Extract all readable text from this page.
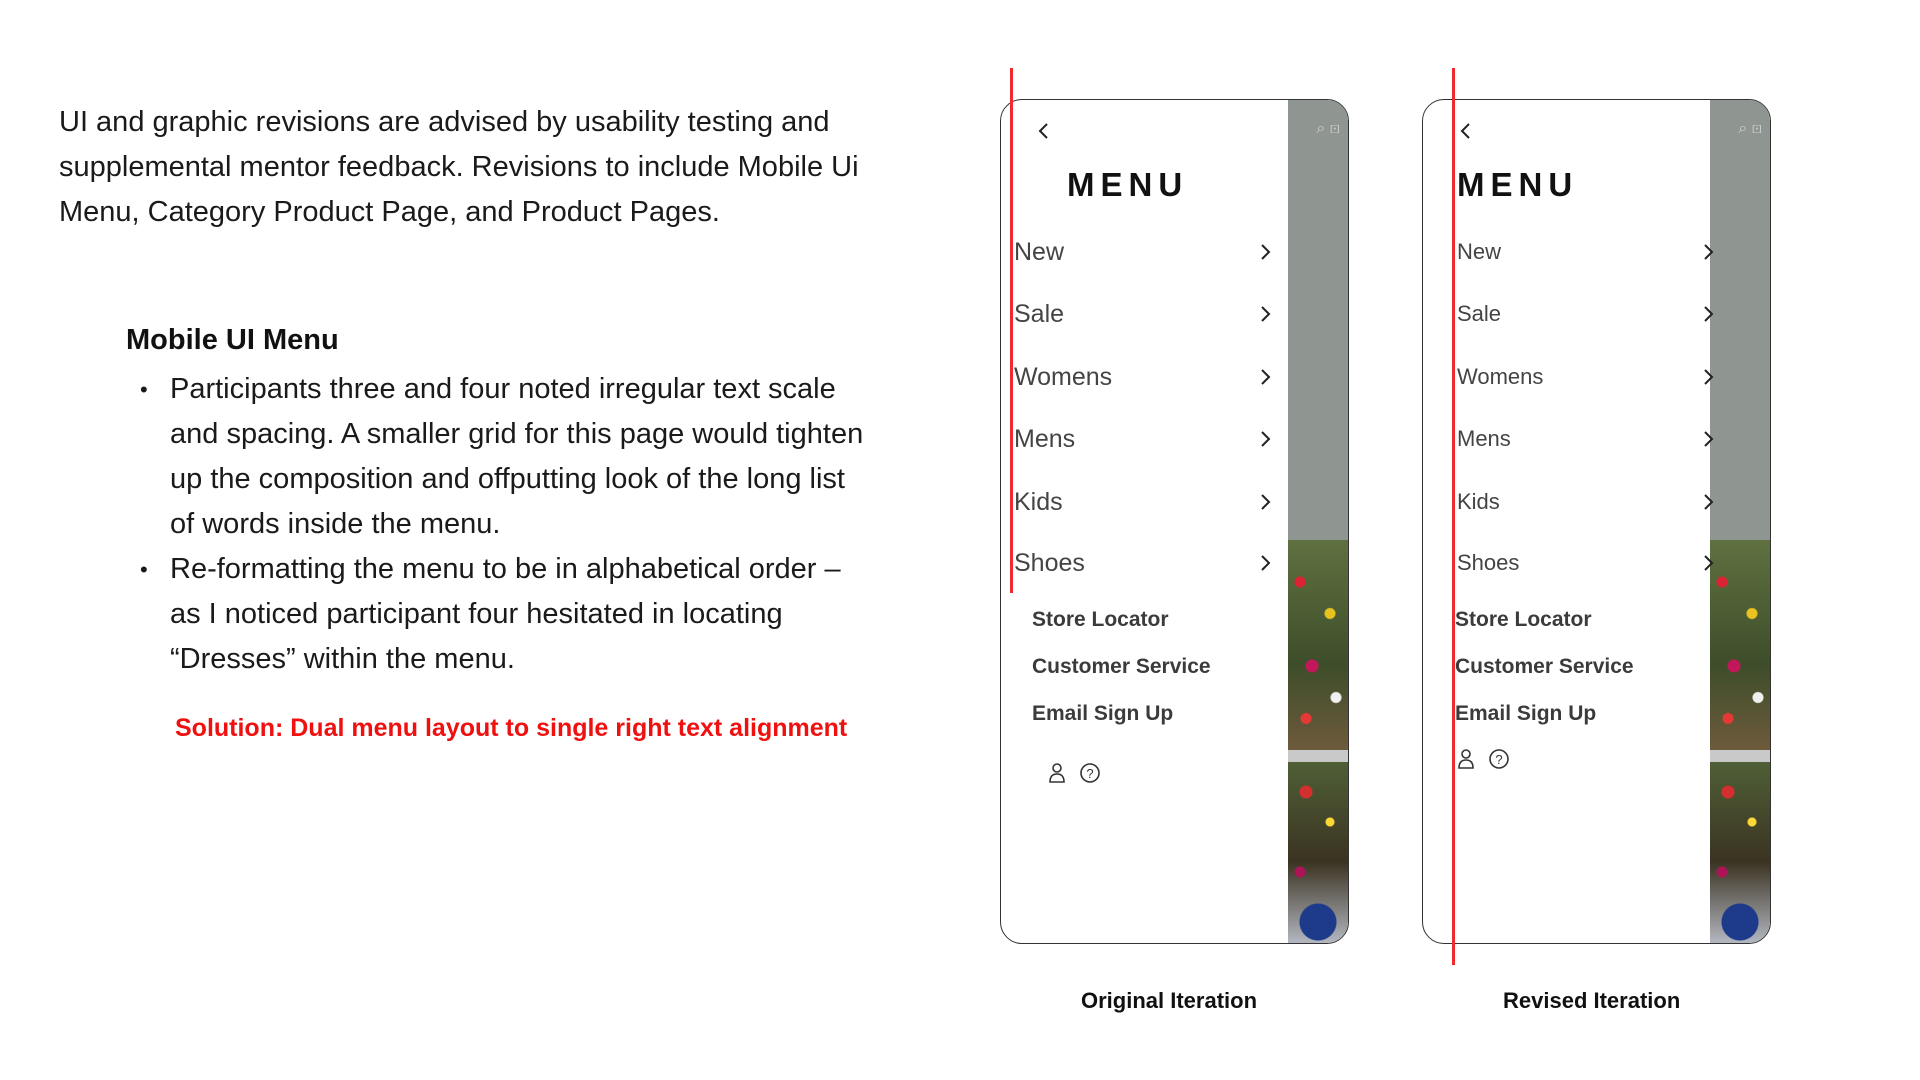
UI and graphic revisions are advised by usability testing and supplemental mentor feedback. Revisions to include Mobile Ui Menu, Category Product Page, and Product Pages.

Mobile UI Menu
• Participants three and four noted irregular text scale and spacing. A smaller grid for this page would tighten up the composition and offputting look of the long list of words inside the menu.
• Re-formatting the menu to be in alphabetical order – as I noticed participant four hesitated in locating “Dresses” within the menu.

Solution: Dual menu layout to single right text alignment

⌕ ⊡
MENU
New
Sale
Womens
Mens
Kids
Shoes
Store Locator
Customer Service
Email Sign Up
?
⌕ ⊡
MENU
New
Sale
Womens
Mens
Kids
Shoes
Store Locator
Customer Service
Email Sign Up
?

Original Iteration	Revised Iteration
